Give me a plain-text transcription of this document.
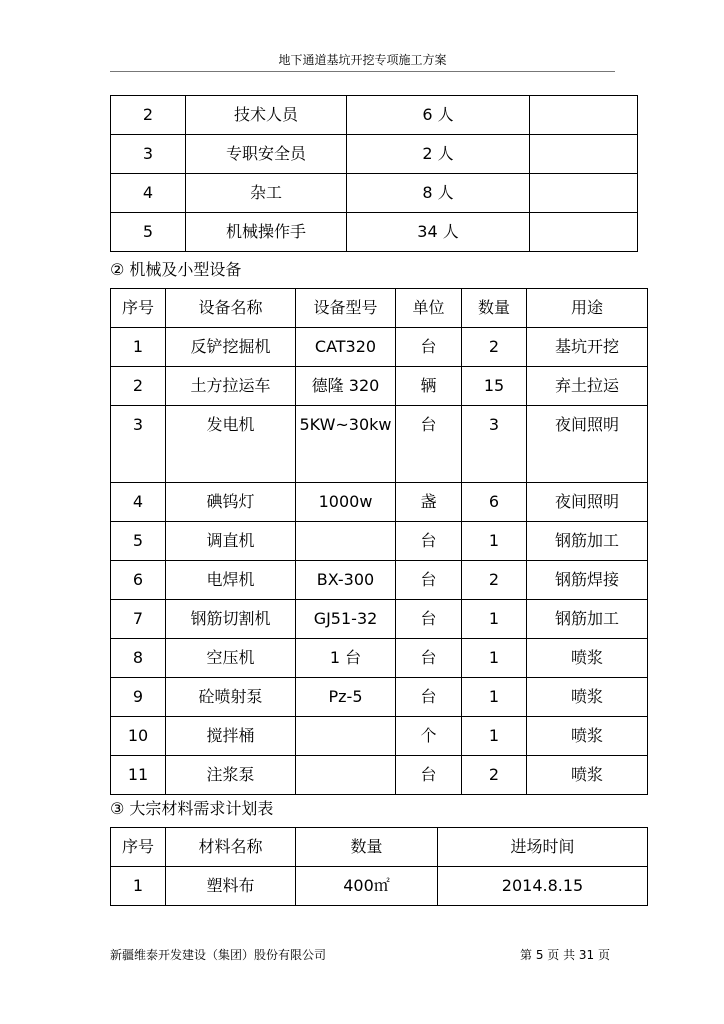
地下通道基坑开挖专项施工方案
2	技术人员	6 人	
3	专职安全员	2 人	
4	杂工	8 人	
5	机械操作手	34 人	
② 机械及小型设备
序号	设备名称	设备型号	单位	数量	用途
1	反铲挖掘机	CAT320	台	2	基坑开挖
2	土方拉运车	德隆 320	辆	15	弃土拉运
3	发电机	5KW~30kw	台	3	夜间照明
4	碘钨灯	1000w	盏	6	夜间照明
5	调直机		台	1	钢筋加工
6	电焊机	BX-300	台	2	钢筋焊接
7	钢筋切割机	GJ51-32	台	1	钢筋加工
8	空压机	1 台	台	1	喷浆
9	砼喷射泵	Pz-5	台	1	喷浆
10	搅拌桶		个	1	喷浆
11	注浆泵		台	2	喷浆
③ 大宗材料需求计划表
序号	材料名称	数量	进场时间
1	塑料布	400㎡	2014.8.15
新疆维泰开发建设（集团）股份有限公司	第 5 页 共 31 页
